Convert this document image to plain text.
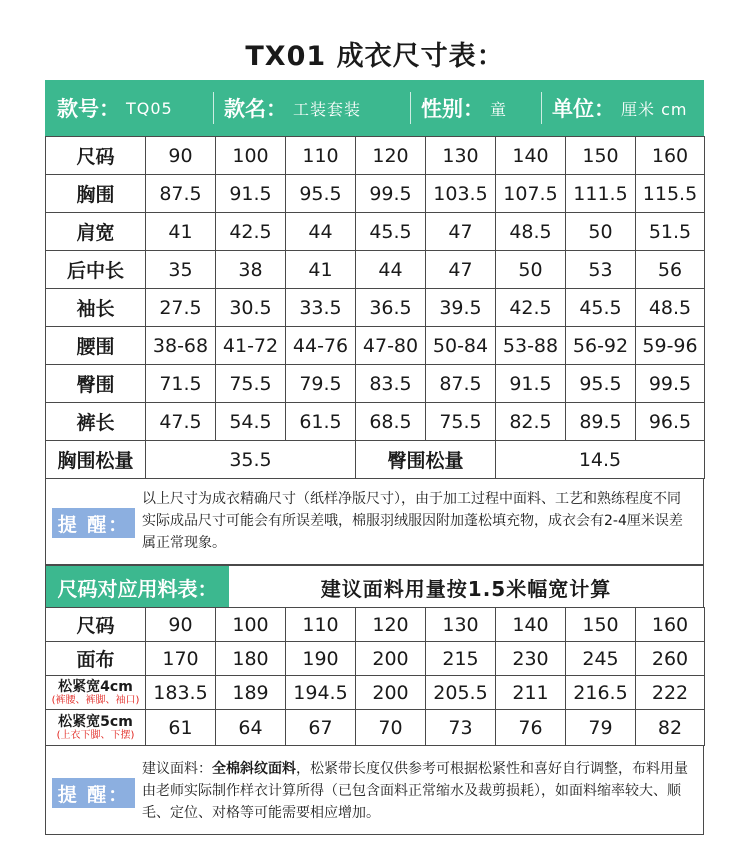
TX01 成衣尺寸表：
款号： TQ05 款名： 工装套装	性别： 童 单位： 厘米 cm
尺码	90	100	110	120	130	140	150	160
胸围	87.5	91.5	95.5	99.5	103.5	107.5	111.5	115.5
肩宽	41	42.5	44	45.5	47	48.5	50	51.5
后中长	35	38	41	44	47	50	53	56
袖长	27.5	30.5	33.5	36.5	39.5	42.5	45.5	48.5
腰围	38-68	41-72	44-76	47-80	50-84	53-88	56-92	59-96
臀围	71.5	75.5	79.5	83.5	87.5	91.5	95.5	99.5
裤长	47.5	54.5	61.5	68.5	75.5	82.5	89.5	96.5
胸围松量	35.5			臀围松量		14.5		
提 醒：
以上尺寸为成衣精确尺寸（纸样净版尺寸），由于加工过程中面料、工艺和熟练程度不同实际成品尺寸可能会有所误差哦，棉服羽绒服因附加蓬松填充物，成衣会有2-4厘米误差属正常现象。
尺码对应用料表：	建议面料用量按1.5米幅宽计算
尺码	90	100	110	120	130	140	150	160
面布	170	180	190	200	215	230	245	260

松紧宽4cm
(裤腰、裤脚、袖口)	183.5	189	194.5	200	205.5	211	216.5	222

松紧宽5cm
(上衣下脚、下摆)	61	64	67	70	73	76	79	82
提 醒：
建议面料：全棉斜纹面料，松紧带长度仅供参考可根据松紧性和喜好自行调整，布料用量由老师实际制作样衣计算所得（已包含面料正常缩水及裁剪损耗），如面料缩率较大、顺毛、定位、对格等可能需要相应增加。
